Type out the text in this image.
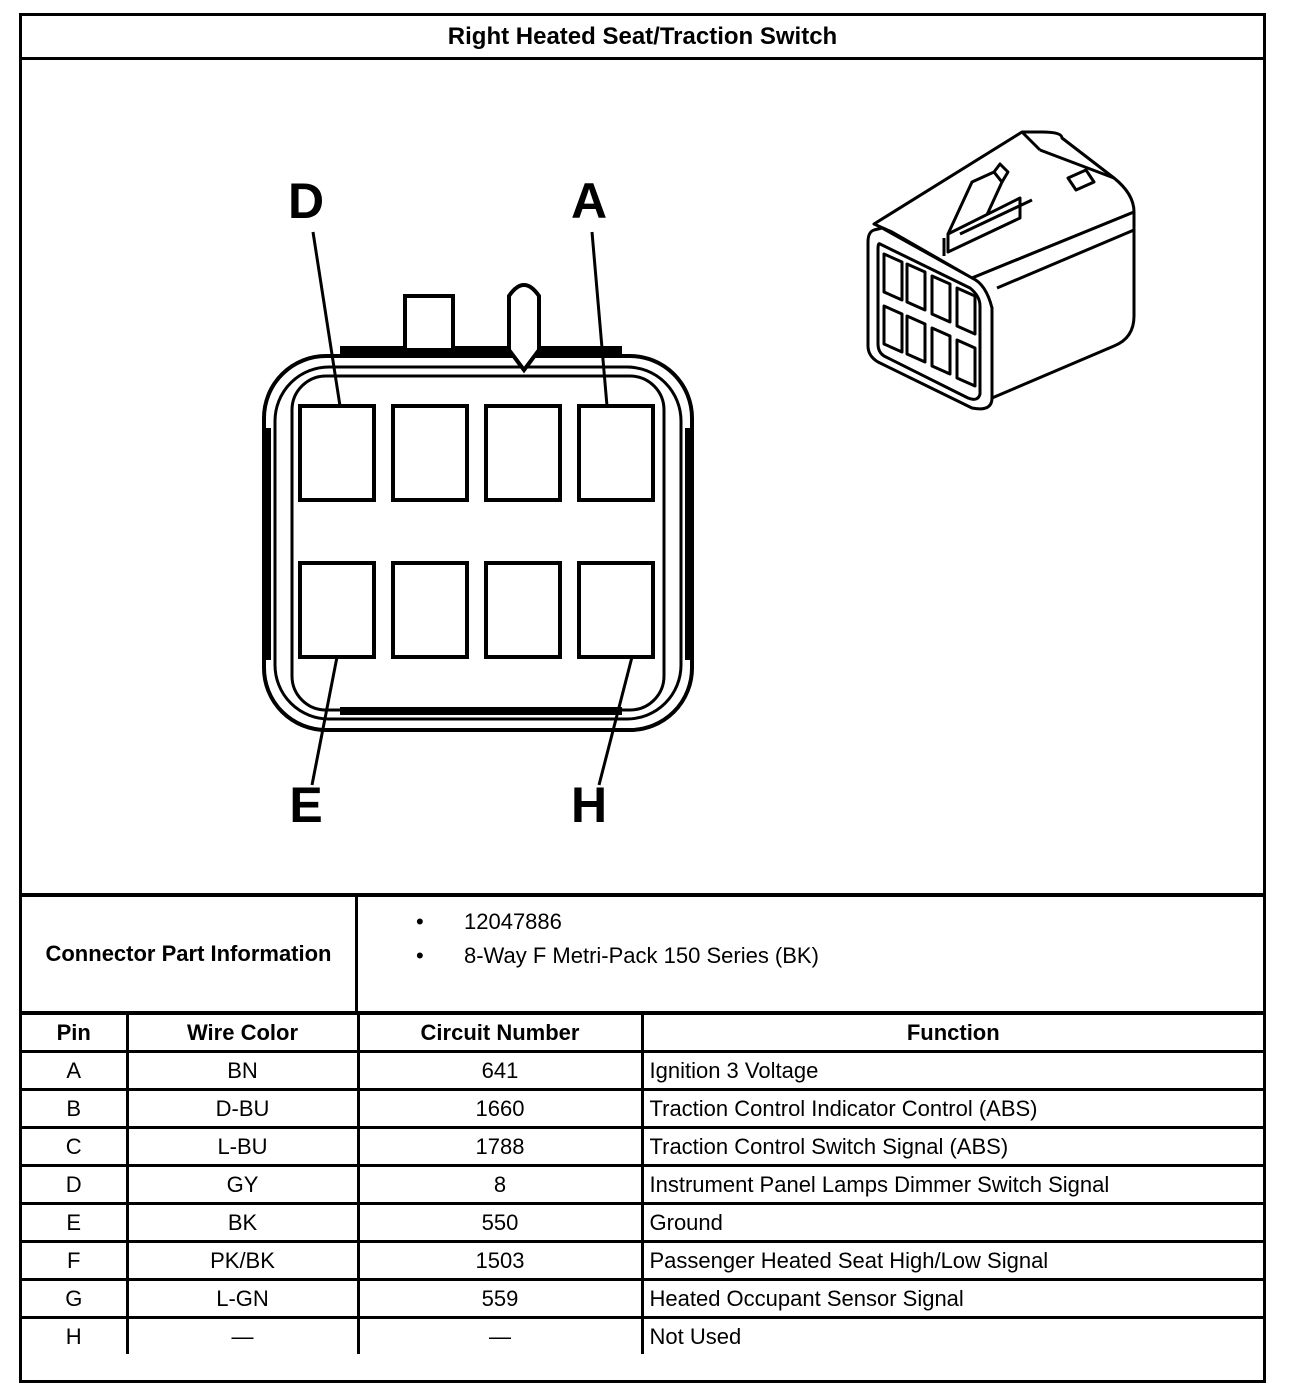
Right Heated Seat/Traction Switch
D	A
E	H
Connector Part Information
• 12047886
• 8-Way F Metri-Pack 150 Series (BK)
Pin	Wire Color	Circuit Number	Function
A	BN	641	Ignition 3 Voltage
B	D-BU	1660	Traction Control Indicator Control (ABS)
C	L-BU	1788	Traction Control Switch Signal (ABS)
D	GY	8	Instrument Panel Lamps Dimmer Switch Signal
E	BK	550	Ground
F	PK/BK	1503	Passenger Heated Seat High/Low Signal
G	L-GN	559	Heated Occupant Sensor Signal
H	—	—	Not Used
